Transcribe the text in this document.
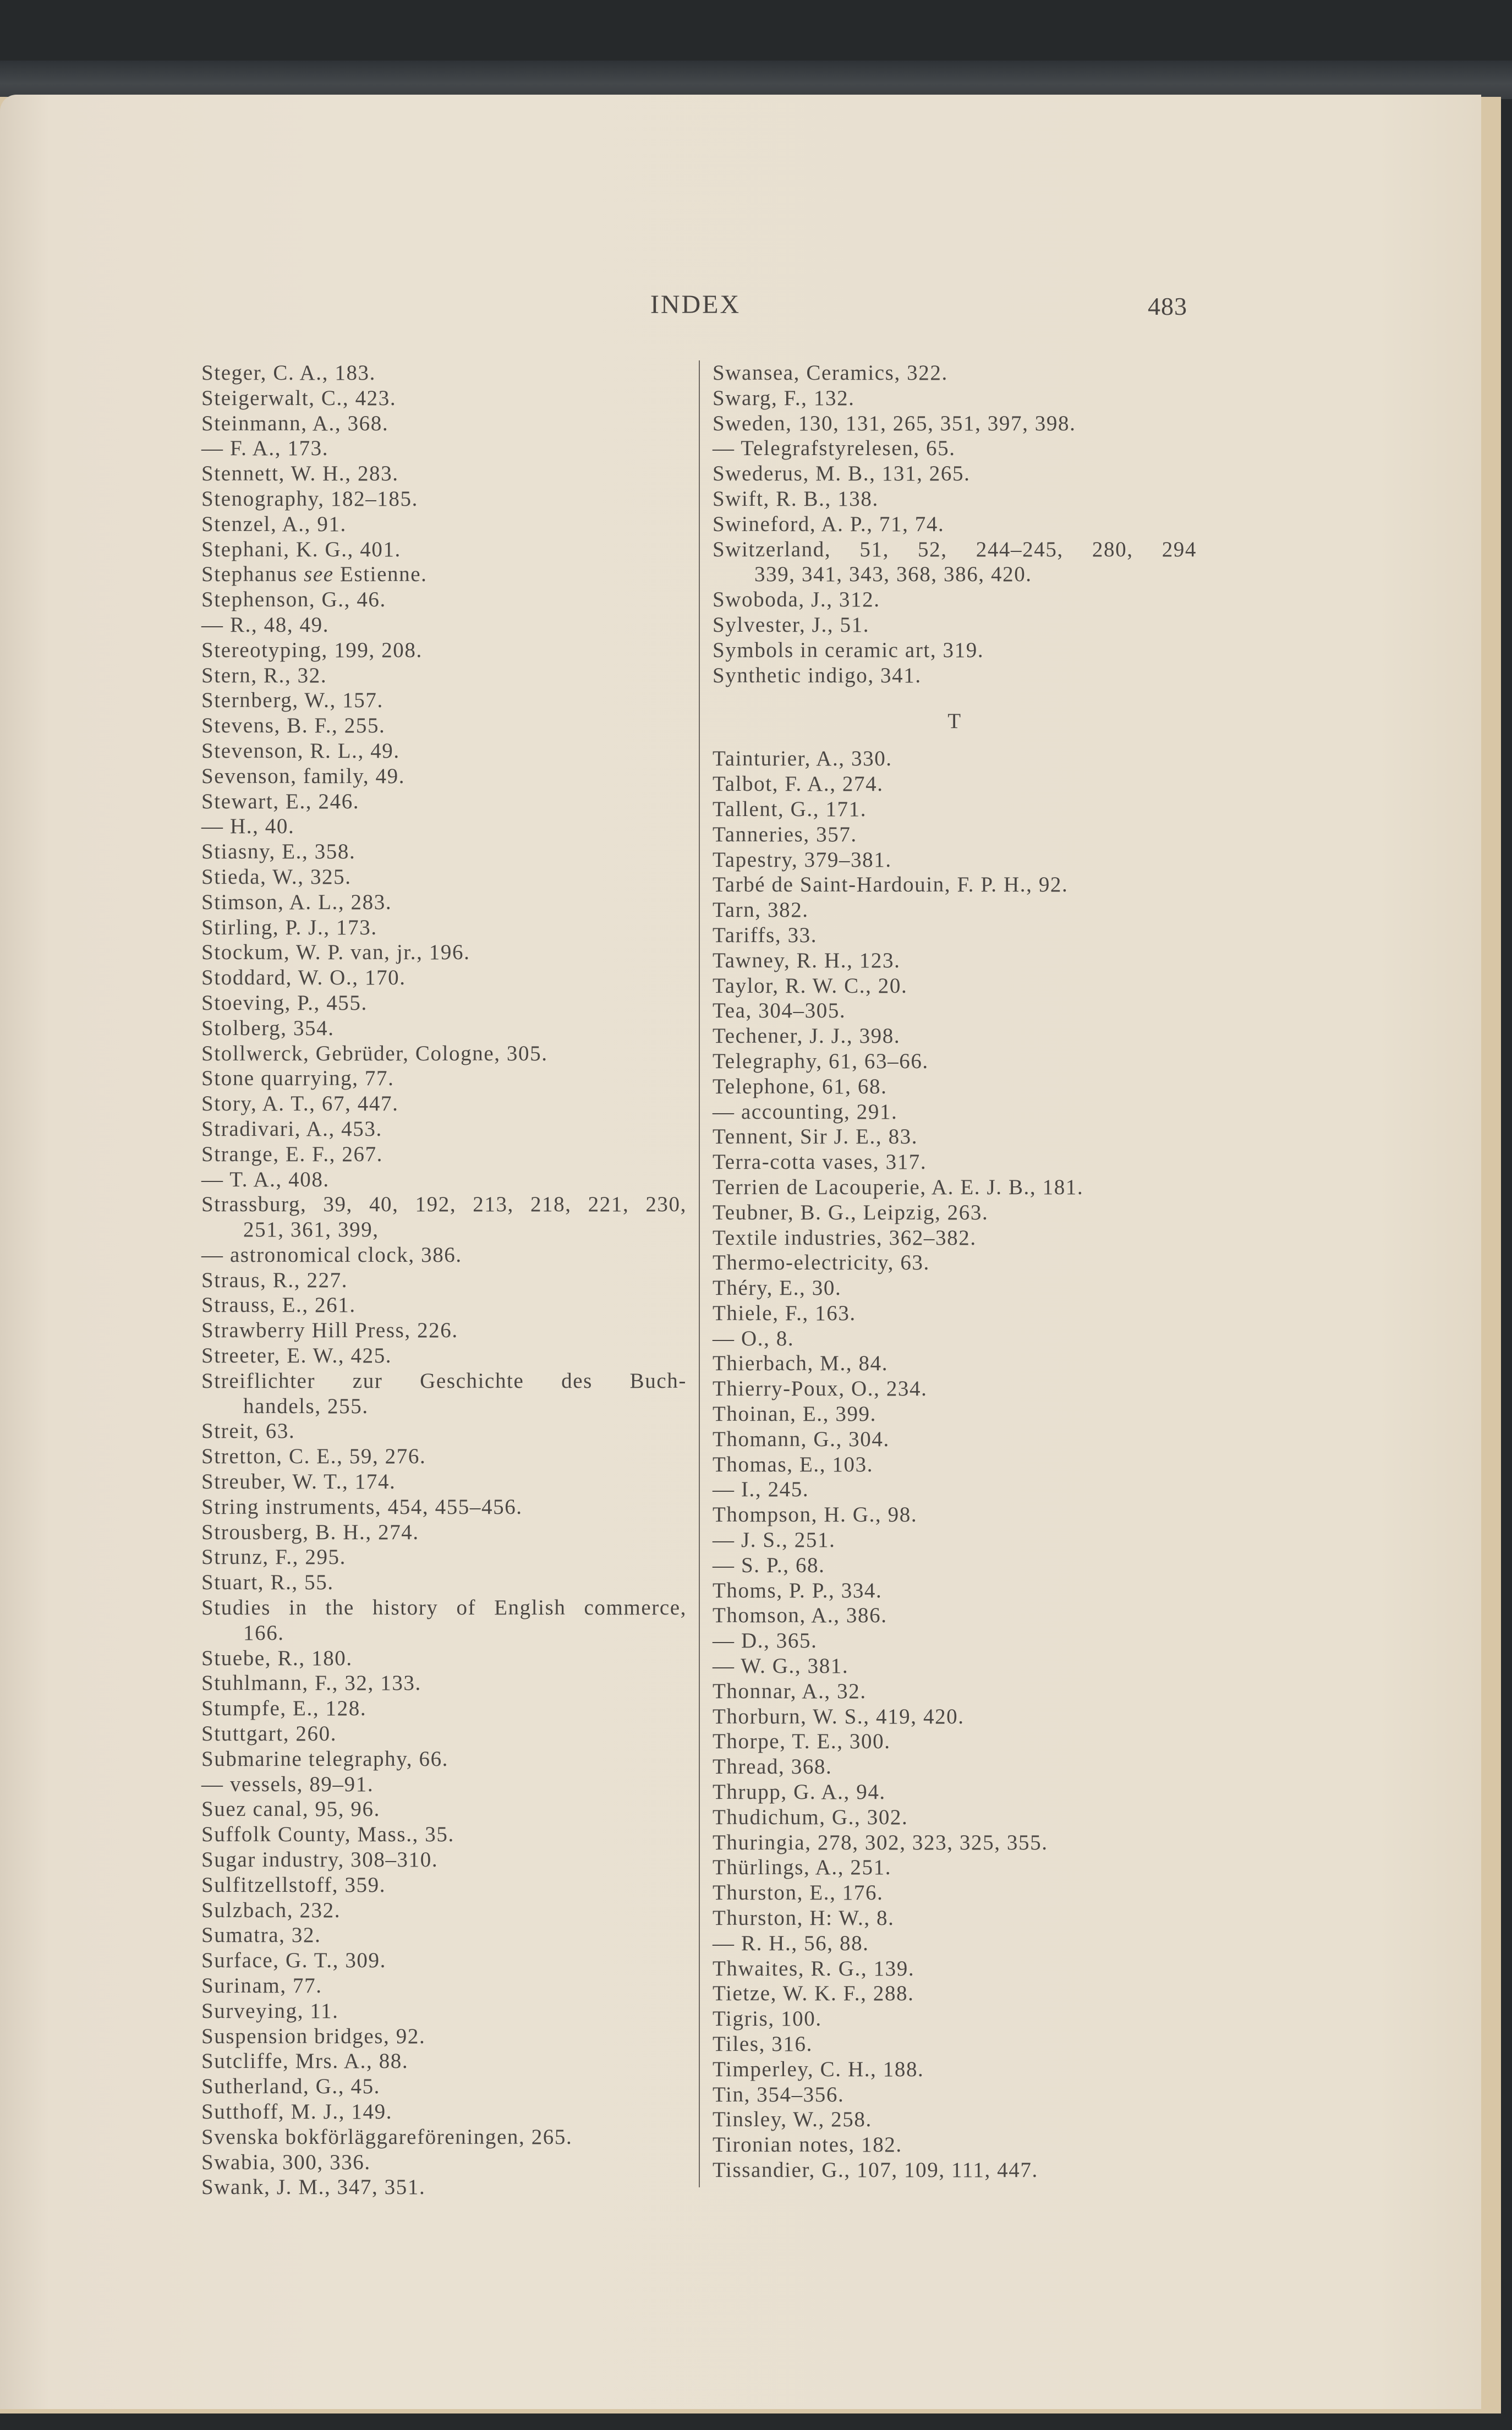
INDEX	483
Steger, C. A., 183.
Steigerwalt, C., 423.
Steinmann, A., 368.
— F. A., 173.
Stennett, W. H., 283.
Stenography, 182–185.
Stenzel, A., 91.
Stephani, K. G., 401.
Stephanus see Estienne.
Stephenson, G., 46.
— R., 48, 49.
Stereotyping, 199, 208.
Stern, R., 32.
Sternberg, W., 157.
Stevens, B. F., 255.
Stevenson, R. L., 49.
Sevenson, family, 49.
Stewart, E., 246.
— H., 40.
Stiasny, E., 358.
Stieda, W., 325.
Stimson, A. L., 283.
Stirling, P. J., 173.
Stockum, W. P. van, jr., 196.
Stoddard, W. O., 170.
Stoeving, P., 455.
Stolberg, 354.
Stollwerck, Gebrüder, Cologne, 305.
Stone quarrying, 77.
Story, A. T., 67, 447.
Stradivari, A., 453.
Strange, E. F., 267.
— T. A., 408.
Strassburg, 39, 40, 192, 213, 218, 221, 230,
251, 361, 399,
— astronomical clock, 386.
Straus, R., 227.
Strauss, E., 261.
Strawberry Hill Press, 226.
Streeter, E. W., 425.
Streiflichter zur Geschichte des Buch-
handels, 255.
Streit, 63.
Stretton, C. E., 59, 276.
Streuber, W. T., 174.
String instruments, 454, 455–456.
Strousberg, B. H., 274.
Strunz, F., 295.
Stuart, R., 55.
Studies in the history of English commerce,
166.
Stuebe, R., 180.
Stuhlmann, F., 32, 133.
Stumpfe, E., 128.
Stuttgart, 260.
Submarine telegraphy, 66.
— vessels, 89–91.
Suez canal, 95, 96.
Suffolk County, Mass., 35.
Sugar industry, 308–310.
Sulfitzellstoff, 359.
Sulzbach, 232.
Sumatra, 32.
Surface, G. T., 309.
Surinam, 77.
Surveying, 11.
Suspension bridges, 92.
Sutcliffe, Mrs. A., 88.
Sutherland, G., 45.
Sutthoff, M. J., 149.
Svenska bokförläggareföreningen, 265.
Swabia, 300, 336.
Swank, J. M., 347, 351.
Swansea, Ceramics, 322.
Swarg, F., 132.
Sweden, 130, 131, 265, 351, 397, 398.
— Telegrafstyrelesen, 65.
Swederus, M. B., 131, 265.
Swift, R. B., 138.
Swineford, A. P., 71, 74.
Switzerland, 51, 52, 244–245, 280, 294
339, 341, 343, 368, 386, 420.
Swoboda, J., 312.
Sylvester, J., 51.
Symbols in ceramic art, 319.
Synthetic indigo, 341.
T
Tainturier, A., 330.
Talbot, F. A., 274.
Tallent, G., 171.
Tanneries, 357.
Tapestry, 379–381.
Tarbé de Saint-Hardouin, F. P. H., 92.
Tarn, 382.
Tariffs, 33.
Tawney, R. H., 123.
Taylor, R. W. C., 20.
Tea, 304–305.
Techener, J. J., 398.
Telegraphy, 61, 63–66.
Telephone, 61, 68.
— accounting, 291.
Tennent, Sir J. E., 83.
Terra-cotta vases, 317.
Terrien de Lacouperie, A. E. J. B., 181.
Teubner, B. G., Leipzig, 263.
Textile industries, 362–382.
Thermo-electricity, 63.
Théry, E., 30.
Thiele, F., 163.
— O., 8.
Thierbach, M., 84.
Thierry-Poux, O., 234.
Thoinan, E., 399.
Thomann, G., 304.
Thomas, E., 103.
— I., 245.
Thompson, H. G., 98.
— J. S., 251.
— S. P., 68.
Thoms, P. P., 334.
Thomson, A., 386.
— D., 365.
— W. G., 381.
Thonnar, A., 32.
Thorburn, W. S., 419, 420.
Thorpe, T. E., 300.
Thread, 368.
Thrupp, G. A., 94.
Thudichum, G., 302.
Thuringia, 278, 302, 323, 325, 355.
Thürlings, A., 251.
Thurston, E., 176.
Thurston, H: W., 8.
— R. H., 56, 88.
Thwaites, R. G., 139.
Tietze, W. K. F., 288.
Tigris, 100.
Tiles, 316.
Timperley, C. H., 188.
Tin, 354–356.
Tinsley, W., 258.
Tironian notes, 182.
Tissandier, G., 107, 109, 111, 447.
